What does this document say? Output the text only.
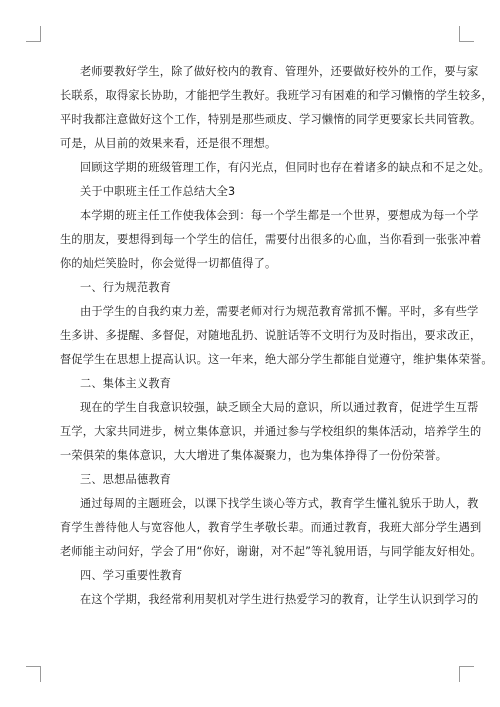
老师要教好学生，除了做好校内的教育、管理外，还要做好校外的工作，要与家
长联系，取得家长协助，才能把学生教好。我班学习有困难的和学习懒惰的学生较多，
平时我都注意做好这个工作，特别是那些顽皮、学习懒惰的同学更要家长共同管教。
可是，从目前的效果来看，还是很不理想。
回顾这学期的班级管理工作，有闪光点，但同时也存在着诸多的缺点和不足之处。
关于中职班主任工作总结大全3
本学期的班主任工作使我体会到：每一个学生都是一个世界，要想成为每一个学
生的朋友，要想得到每一个学生的信任，需要付出很多的心血，当你看到一张张冲着
你的灿烂笑脸时，你会觉得一切都值得了。
一、行为规范教育
由于学生的自我约束力差，需要老师对行为规范教育常抓不懈。平时，多有些学
生多讲、多提醒、多督促，对随地乱扔、说脏话等不文明行为及时指出，要求改正，
督促学生在思想上提高认识。这一年来，绝大部分学生都能自觉遵守，维护集体荣誉。
二、集体主义教育
现在的学生自我意识较强，缺乏顾全大局的意识，所以通过教育，促进学生互帮
互学，大家共同进步，树立集体意识，并通过参与学校组织的集体活动，培养学生的
一荣俱荣的集体意识，大大增进了集体凝聚力，也为集体挣得了一份份荣誉。
三、思想品德教育
通过每周的主题班会，以课下找学生谈心等方式，教育学生懂礼貌乐于助人，教
育学生善待他人与宽容他人，教育学生孝敬长辈。而通过教育，我班大部分学生遇到
老师能主动问好，学会了用“你好，谢谢，对不起”等礼貌用语，与同学能友好相处。
四、学习重要性教育
在这个学期，我经常利用契机对学生进行热爱学习的教育，让学生认识到学习的
